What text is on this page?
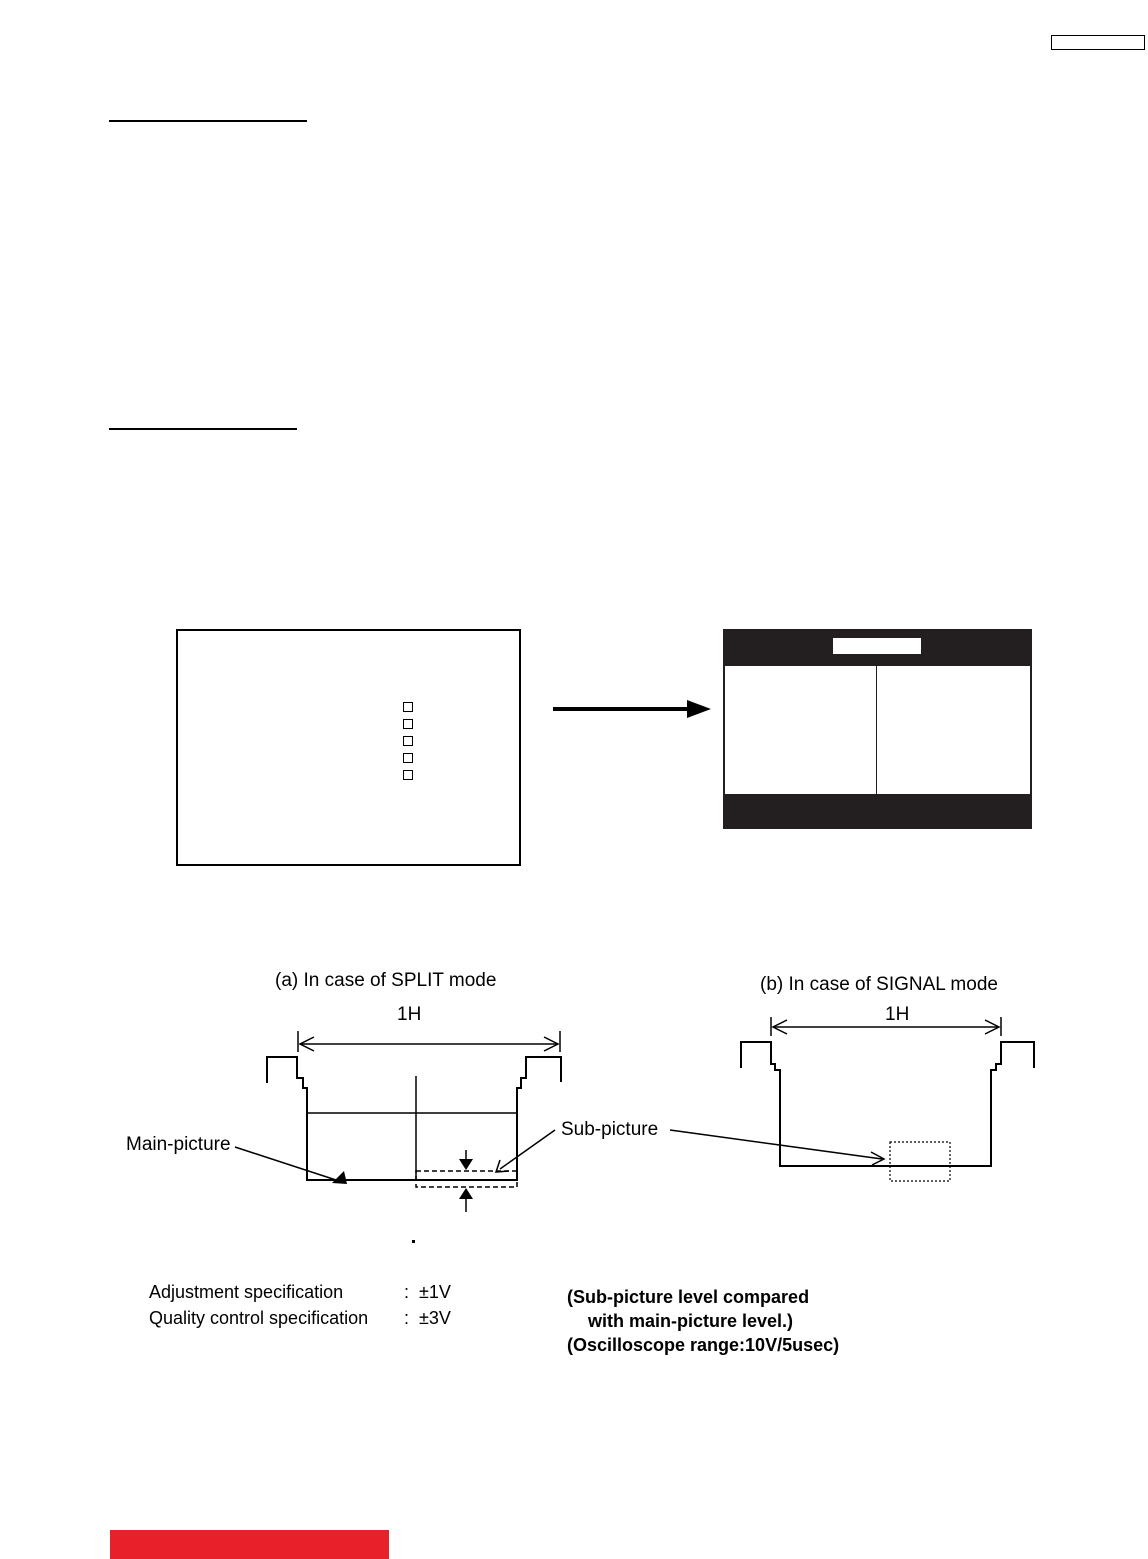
(a) In case of SPLIT mode	(b) In case of SIGNAL mode
1H
Main-picture
Sub-picture
1H
Adjustment specification	: ±1V
Quality control specification : ±3V
(Sub-picture level compared
with main-picture level.)
(Oscilloscope range:10V/5usec)
